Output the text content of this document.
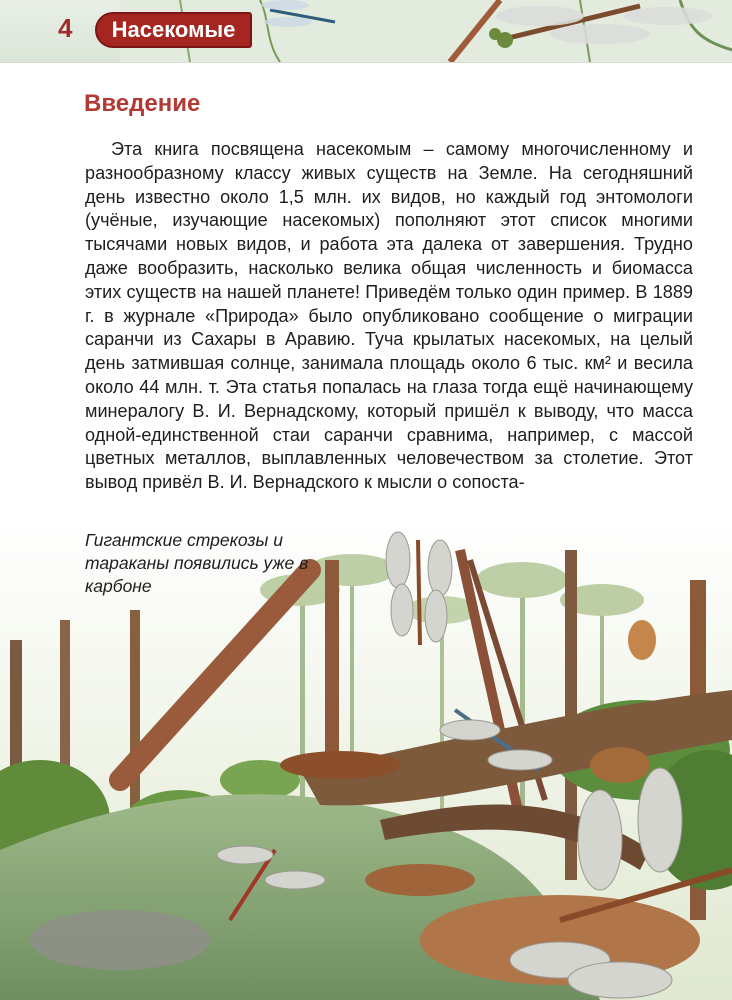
4	Насекомые
Введение

Эта книга посвящена насекомым – самому многочисленному и разнообразному классу живых существ на Земле. На сегодняшний день известно около 1,5 млн. их видов, но каждый год энтомологи (учёные, изучающие насекомых) пополняют этот список многими тысячами новых видов, и работа эта далека от завершения. Трудно даже вообразить, насколько велика общая численность и биомасса этих существ на нашей планете! Приведём только один пример. В 1889 г. в журнале «Природа» было опубликовано сообщение о миграции саранчи из Сахары в Аравию. Туча крылатых насекомых, на целый день затмившая солнце, занимала площадь около 6 тыс. км² и весила около 44 млн. т. Эта статья попалась на глаза тогда ещё начинающему минералогу В. И. Вернадскому, который пришёл к выводу, что масса одной-единственной стаи саранчи сравнима, например, с массой цветных металлов, выплавленных человечеством за столетие. Этот вывод привёл В. И. Вернадского к мысли о сопоста-

Гигантские стрекозы и тараканы появились уже в карбоне
